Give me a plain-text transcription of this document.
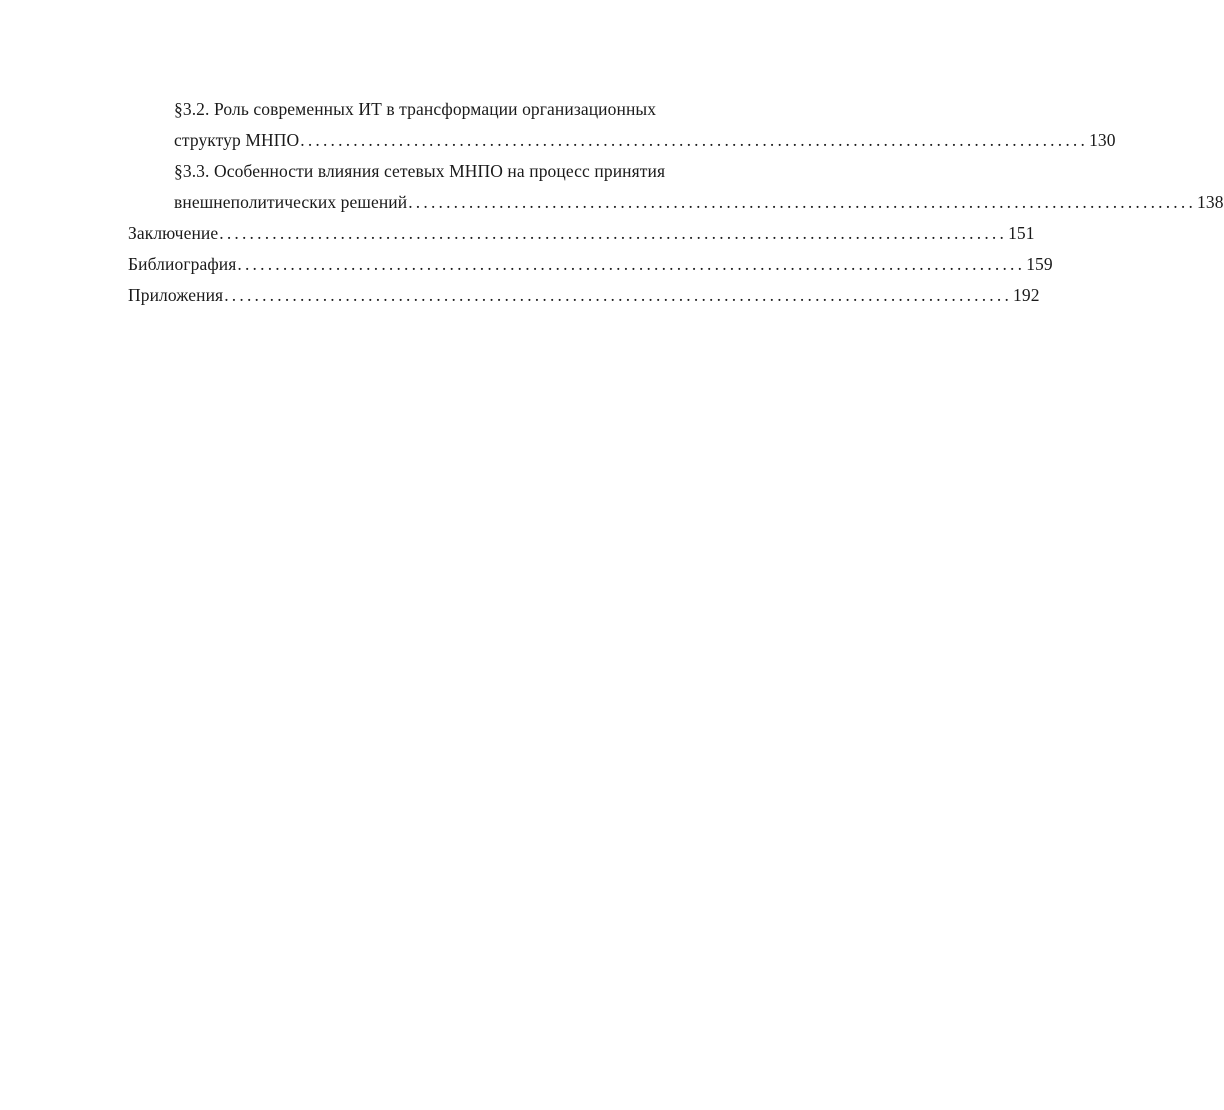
§3.2. Роль современных ИТ в трансформации организационных
структур МНПО ........................................................................................................ 130
§3.3. Особенности влияния сетевых МНПО на процесс принятия
внешнеполитических решений ........................................................................................................ 138
Заключение ........................................................................................................ 151
Библиография ........................................................................................................ 159
Приложения ........................................................................................................ 192
